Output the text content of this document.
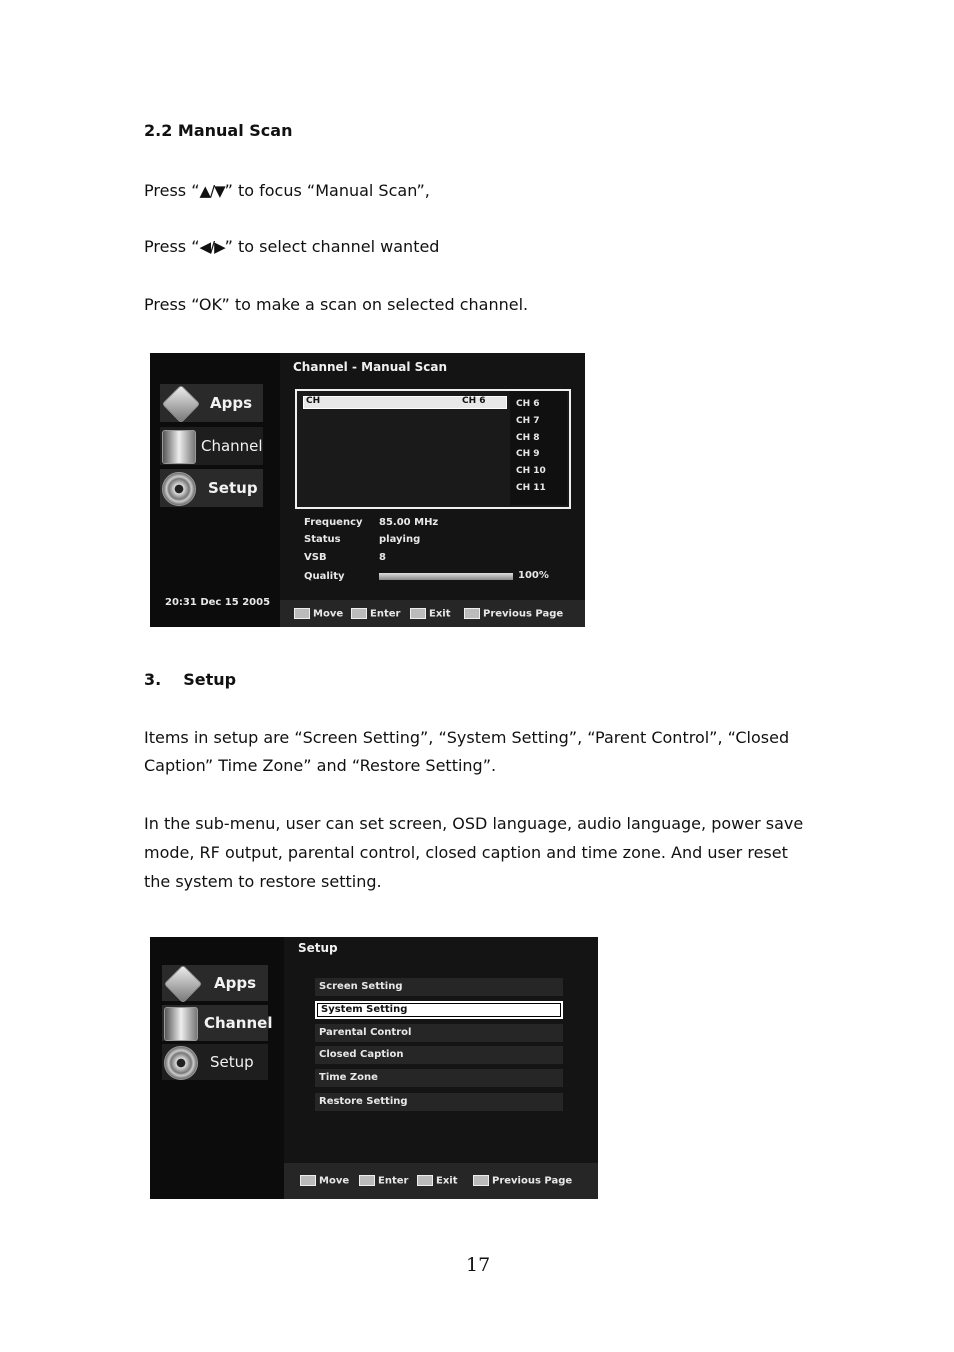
2.2 Manual Scan
Press “▲/▼” to focus “Manual Scan”,
Press “◀/▶” to select channel wanted
Press “OK” to make a scan on selected channel.
Apps
Channel
Setup
20:31 Dec 15 2005
Channel - Manual Scan
CH	CH 6	CH 6
CH 7
CH 8
CH 9
CH 10
CH 11
Frequency 85.00 MHz
Status	playing
VSB	8
Quality	100%
Move	Enter	Exit	Previous Page
3. Setup
Items in setup are “Screen Setting”, “System Setting”, “Parent Control”, “Closed
Caption” Time Zone” and “Restore Setting”.
In the sub-menu, user can set screen, OSD language, audio language, power save
mode, RF output, parental control, closed caption and time zone. And user reset
the system to restore setting.
Apps
Channel
Setup
Setup
Screen Setting
System Setting
Parental Control
Closed Caption
Time Zone
Restore Setting
Move	Enter	Exit	Previous Page
17
